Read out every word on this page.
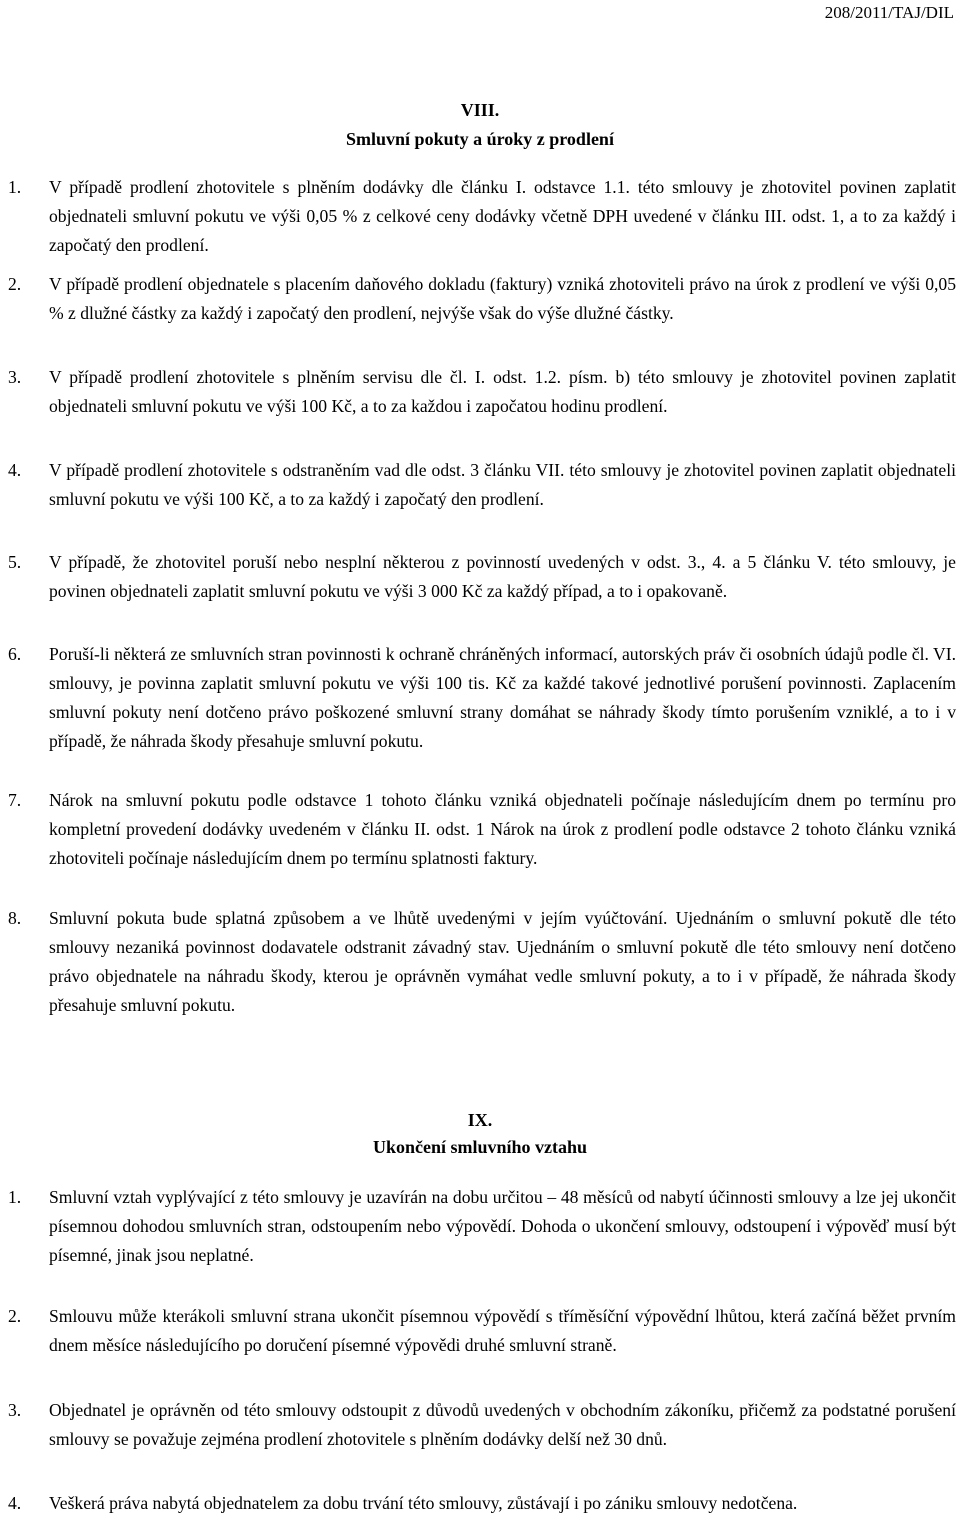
208/2011/TAJ/DIL
VIII.
Smluvní pokuty a úroky z prodlení
1.	V případě prodlení zhotovitele s plněním dodávky dle článku I. odstavce 1.1. této smlouvy je zhotovitel povinen zaplatit objednateli smluvní pokutu ve výši 0,05 % z celkové ceny dodávky včetně DPH uvedené v článku III. odst. 1, a to za každý i započatý den prodlení.
2.	V případě prodlení objednatele s placením daňového dokladu (faktury) vzniká zhotoviteli právo na úrok z prodlení ve výši 0,05 % z dlužné částky za každý i započatý den prodlení, nejvýše však do výše dlužné částky.
3.	V případě prodlení zhotovitele s plněním servisu dle čl. I. odst. 1.2. písm. b) této smlouvy je zhotovitel povinen zaplatit objednateli smluvní pokutu ve výši 100 Kč, a to za každou i započatou hodinu prodlení.
4.	V případě prodlení zhotovitele s odstraněním vad dle odst. 3 článku VII. této smlouvy je zhotovitel povinen zaplatit objednateli smluvní pokutu ve výši 100 Kč, a to za každý i započatý den prodlení.
5.	V případě, že zhotovitel poruší nebo nesplní některou z povinností uvedených v odst. 3., 4. a 5 článku V. této smlouvy, je povinen objednateli zaplatit smluvní pokutu ve výši 3 000 Kč za každý případ, a to i opakovaně.
6.	Poruší-li některá ze smluvních stran povinnosti k ochraně chráněných informací, autorských práv či osobních údajů podle čl. VI. smlouvy, je povinna zaplatit smluvní pokutu ve výši 100 tis. Kč za každé takové jednotlivé porušení povinnosti. Zaplacením smluvní pokuty není dotčeno právo poškozené smluvní strany domáhat se náhrady škody tímto porušením vzniklé, a to i v případě, že náhrada škody přesahuje smluvní pokutu.
7.	Nárok na smluvní pokutu podle odstavce 1 tohoto článku vzniká objednateli počínaje následujícím dnem po termínu pro kompletní provedení dodávky uvedeném v článku II. odst. 1 Nárok na úrok z prodlení podle odstavce 2 tohoto článku vzniká zhotoviteli počínaje následujícím dnem po termínu splatnosti faktury.
8.	Smluvní pokuta bude splatná způsobem a ve lhůtě uvedenými v jejím vyúčtování. Ujednáním o smluvní pokutě dle této smlouvy nezaniká povinnost dodavatele odstranit závadný stav. Ujednáním o smluvní pokutě dle této smlouvy není dotčeno právo objednatele na náhradu škody, kterou je oprávněn vymáhat vedle smluvní pokuty, a to i v případě, že náhrada škody přesahuje smluvní pokutu.
IX.
Ukončení smluvního vztahu
1.	Smluvní vztah vyplývající z této smlouvy je uzavírán na dobu určitou – 48 měsíců od nabytí účinnosti smlouvy a lze jej ukončit písemnou dohodou smluvních stran, odstoupením nebo výpovědí. Dohoda o ukončení smlouvy, odstoupení i výpověď musí být písemné, jinak jsou neplatné.
2.	Smlouvu může kterákoli smluvní strana ukončit písemnou výpovědí s tříměsíční výpovědní lhůtou, která začíná běžet prvním dnem měsíce následujícího po doručení písemné výpovědi druhé smluvní straně.
3.	Objednatel je oprávněn od této smlouvy odstoupit z důvodů uvedených v obchodním zákoníku, přičemž za podstatné porušení smlouvy se považuje zejména prodlení zhotovitele s plněním dodávky delší než 30 dnů.
4.	Veškerá práva nabytá objednatelem za dobu trvání této smlouvy, zůstávají i po zániku smlouvy nedotčena.
